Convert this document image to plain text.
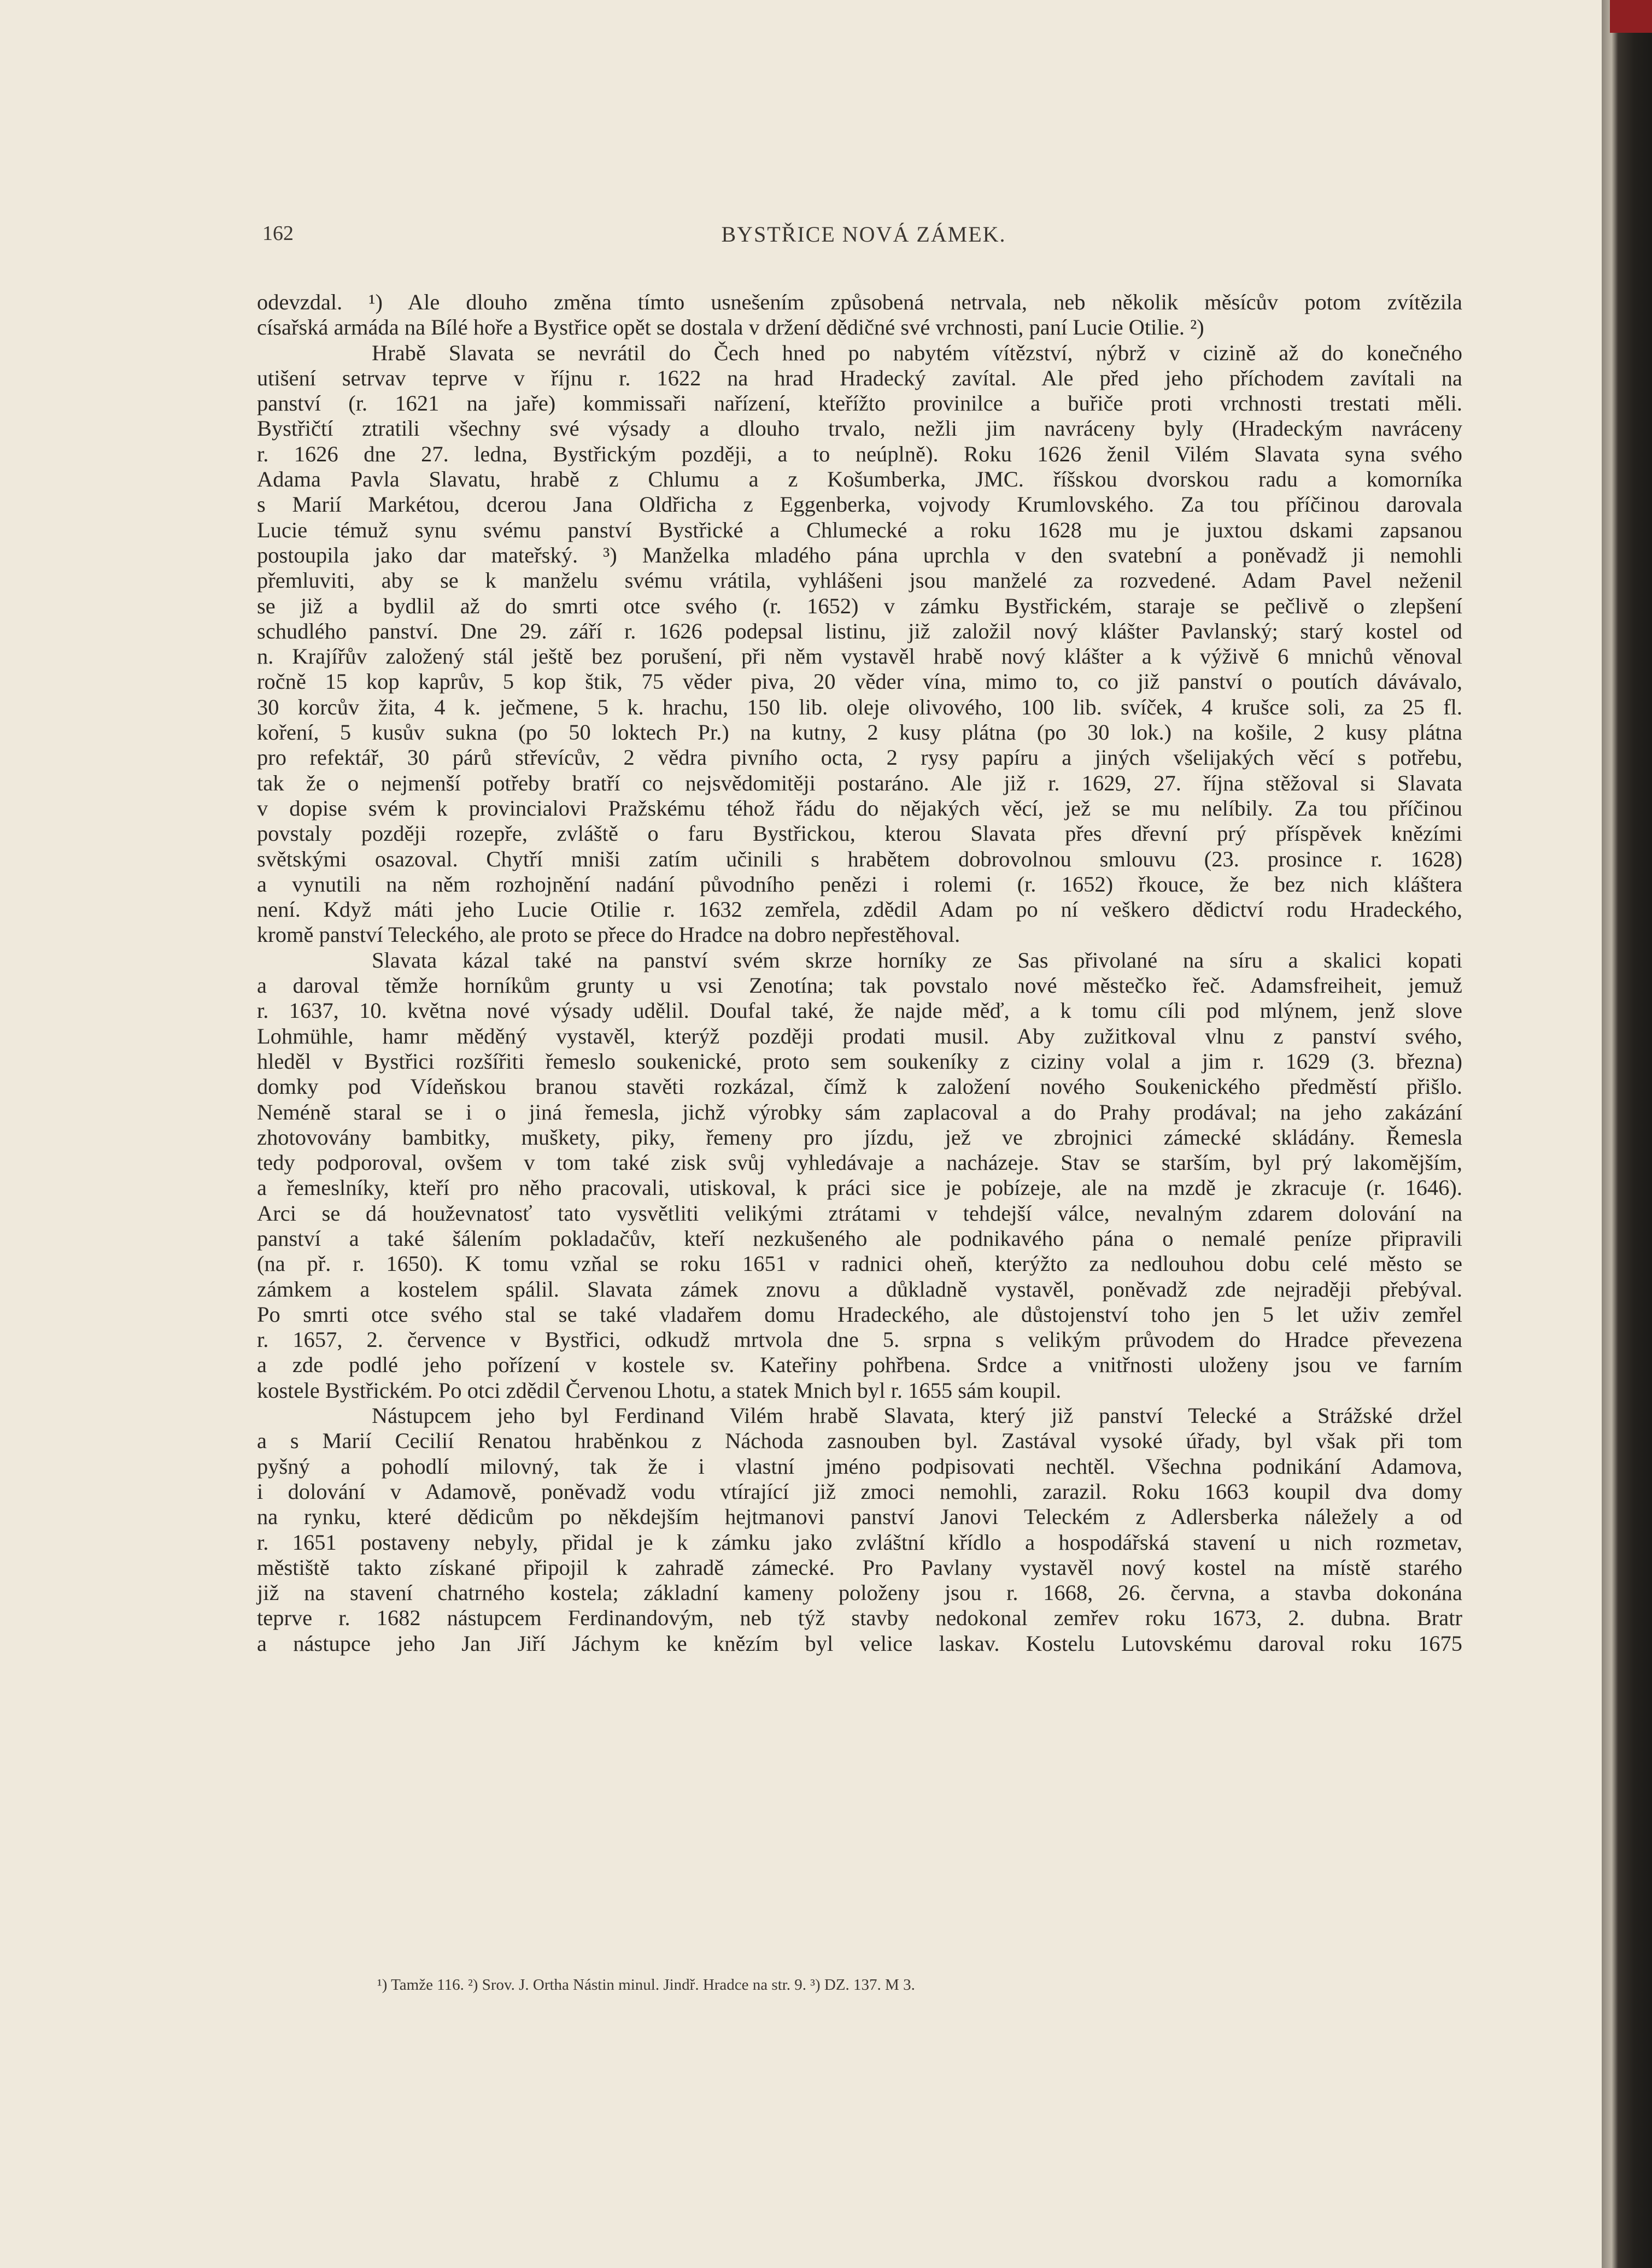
162	BYSTŘICE NOVÁ ZÁMEK.

odevzdal. ¹) Ale dlouho změna tímto usnešením způsobená netrvala, neb několik měsícův potom zvítězila

císařská armáda na Bílé hoře a Bystřice opět se dostala v držení dědičné své vrchnosti, paní Lucie Otilie. ²)

Hrabě Slavata se nevrátil do Čech hned po nabytém vítězství, nýbrž v cizině až do konečného

utišení setrvav teprve v říjnu r. 1622 na hrad Hradecký zavítal. Ale před jeho příchodem zavítali na

panství (r. 1621 na jaře) kommissaři nařízení, kteřížto provinilce a buřiče proti vrchnosti trestati měli.

Bystřičtí ztratili všechny své výsady a dlouho trvalo, nežli jim navráceny byly (Hradeckým navráceny

r. 1626 dne 27. ledna, Bystřickým později, a to neúplně). Roku 1626 ženil Vilém Slavata syna svého

Adama Pavla Slavatu, hrabě z Chlumu a z Košumberka, JMC. říšskou dvorskou radu a komorníka

s Marií Markétou, dcerou Jana Oldřicha z Eggenberka, vojvody Krumlovského. Za tou příčinou darovala

Lucie témuž synu svému panství Bystřické a Chlumecké a roku 1628 mu je juxtou dskami zapsanou

postoupila jako dar mateřský. ³) Manželka mladého pána uprchla v den svatební a poněvadž ji nemohli

přemluviti, aby se k manželu svému vrátila, vyhlášeni jsou manželé za rozvedené. Adam Pavel neženil

se již a bydlil až do smrti otce svého (r. 1652) v zámku Bystřickém, staraje se pečlivě o zlepšení

schudlého panství. Dne 29. září r. 1626 podepsal listinu, již založil nový klášter Pavlanský; starý kostel od

n. Krajířův založený stál ještě bez porušení, při něm vystavěl hrabě nový klášter a k výživě 6 mnichů věnoval

ročně 15 kop kaprův, 5 kop štik, 75 věder piva, 20 věder vína, mimo to, co již panství o poutích dávávalo,

30 korcův žita, 4 k. ječmene, 5 k. hrachu, 150 lib. oleje olivového, 100 lib. svíček, 4 krušce soli, za 25 fl.

koření, 5 kusův sukna (po 50 loktech Pr.) na kutny, 2 kusy plátna (po 30 lok.) na košile, 2 kusy plátna

pro refektář, 30 párů střevícův, 2 vědra pivního octa, 2 rysy papíru a jiných všelijakých věcí s potřebu,

tak že o nejmenší potřeby bratří co nejsvědomitěji postaráno. Ale již r. 1629, 27. října stěžoval si Slavata

v dopise svém k provincialovi Pražskému téhož řádu do nějakých věcí, jež se mu nelíbily. Za tou příčinou

povstaly později rozepře, zvláště o faru Bystřickou, kterou Slavata přes dřevní prý příspěvek knězími

světskými osazoval. Chytří mniši zatím učinili s hrabětem dobrovolnou smlouvu (23. prosince r. 1628)

a vynutili na něm rozhojnění nadání původního penězi i rolemi (r. 1652) řkouce, že bez nich kláštera

není. Když máti jeho Lucie Otilie r. 1632 zemřela, zdědil Adam po ní veškero dědictví rodu Hradeckého,

kromě panství Teleckého, ale proto se přece do Hradce na dobro nepřestěhoval.

Slavata kázal také na panství svém skrze horníky ze Sas přivolané na síru a skalici kopati

a daroval těmže horníkům grunty u vsi Zenotína; tak povstalo nové městečko řeč. Adamsfreiheit, jemuž

r. 1637, 10. května nové výsady udělil. Doufal také, že najde měď, a k tomu cíli pod mlýnem, jenž slove

Lohmühle, hamr měděný vystavěl, kterýž později prodati musil. Aby zužitkoval vlnu z panství svého,

hleděl v Bystřici rozšířiti řemeslo soukenické, proto sem soukeníky z ciziny volal a jim r. 1629 (3. března)

domky pod Vídeňskou branou stavěti rozkázal, čímž k založení nového Soukenického předměstí přišlo.

Neméně staral se i o jiná řemesla, jichž výrobky sám zaplacoval a do Prahy prodával; na jeho zakázání

zhotovovány bambitky, muškety, piky, řemeny pro jízdu, jež ve zbrojnici zámecké skládány. Řemesla

tedy podporoval, ovšem v tom také zisk svůj vyhledávaje a nacházeje. Stav se starším, byl prý lakomějším,

a řemeslníky, kteří pro něho pracovali, utiskoval, k práci sice je pobízeje, ale na mzdě je zkracuje (r. 1646).

Arci se dá houževnatosť tato vysvětliti velikými ztrátami v tehdejší válce, nevalným zdarem dolování na

panství a také šálením pokladačův, kteří nezkušeného ale podnikavého pána o nemalé peníze připravili

(na př. r. 1650). K tomu vzňal se roku 1651 v radnici oheň, kterýžto za nedlouhou dobu celé město se

zámkem a kostelem spálil. Slavata zámek znovu a důkladně vystavěl, poněvadž zde nejraději přebýval.

Po smrti otce svého stal se také vladařem domu Hradeckého, ale důstojenství toho jen 5 let uživ zemřel

r. 1657, 2. července v Bystřici, odkudž mrtvola dne 5. srpna s velikým průvodem do Hradce převezena

a zde podlé jeho pořízení v kostele sv. Kateřiny pohřbena. Srdce a vnitřnosti uloženy jsou ve farním

kostele Bystřickém. Po otci zdědil Červenou Lhotu, a statek Mnich byl r. 1655 sám koupil.

Nástupcem jeho byl Ferdinand Vilém hrabě Slavata, který již panství Telecké a Strážské držel

a s Marií Cecilií Renatou hraběnkou z Náchoda zasnouben byl. Zastával vysoké úřady, byl však při tom

pyšný a pohodlí milovný, tak že i vlastní jméno podpisovati nechtěl. Všechna podnikání Adamova,

i dolování v Adamově, poněvadž vodu vtírající již zmoci nemohli, zarazil. Roku 1663 koupil dva domy

na rynku, které dědicům po někdejším hejtmanovi panství Janovi Teleckém z Adlersberka náležely a od

r. 1651 postaveny nebyly, přidal je k zámku jako zvláštní křídlo a hospodářská stavení u nich rozmetav,

městiště takto získané připojil k zahradě zámecké. Pro Pavlany vystavěl nový kostel na místě starého

již na stavení chatrného kostela; základní kameny položeny jsou r. 1668, 26. června, a stavba dokonána

teprve r. 1682 nástupcem Ferdinandovým, neb týž stavby nedokonal zemřev roku 1673, 2. dubna. Bratr

a nástupce jeho Jan Jiří Jáchym ke knězím byl velice laskav. Kostelu Lutovskému daroval roku 1675

¹) Tamže 116. ²) Srov. J. Ortha Nástin minul. Jindř. Hradce na str. 9. ³) DZ. 137. M 3.
